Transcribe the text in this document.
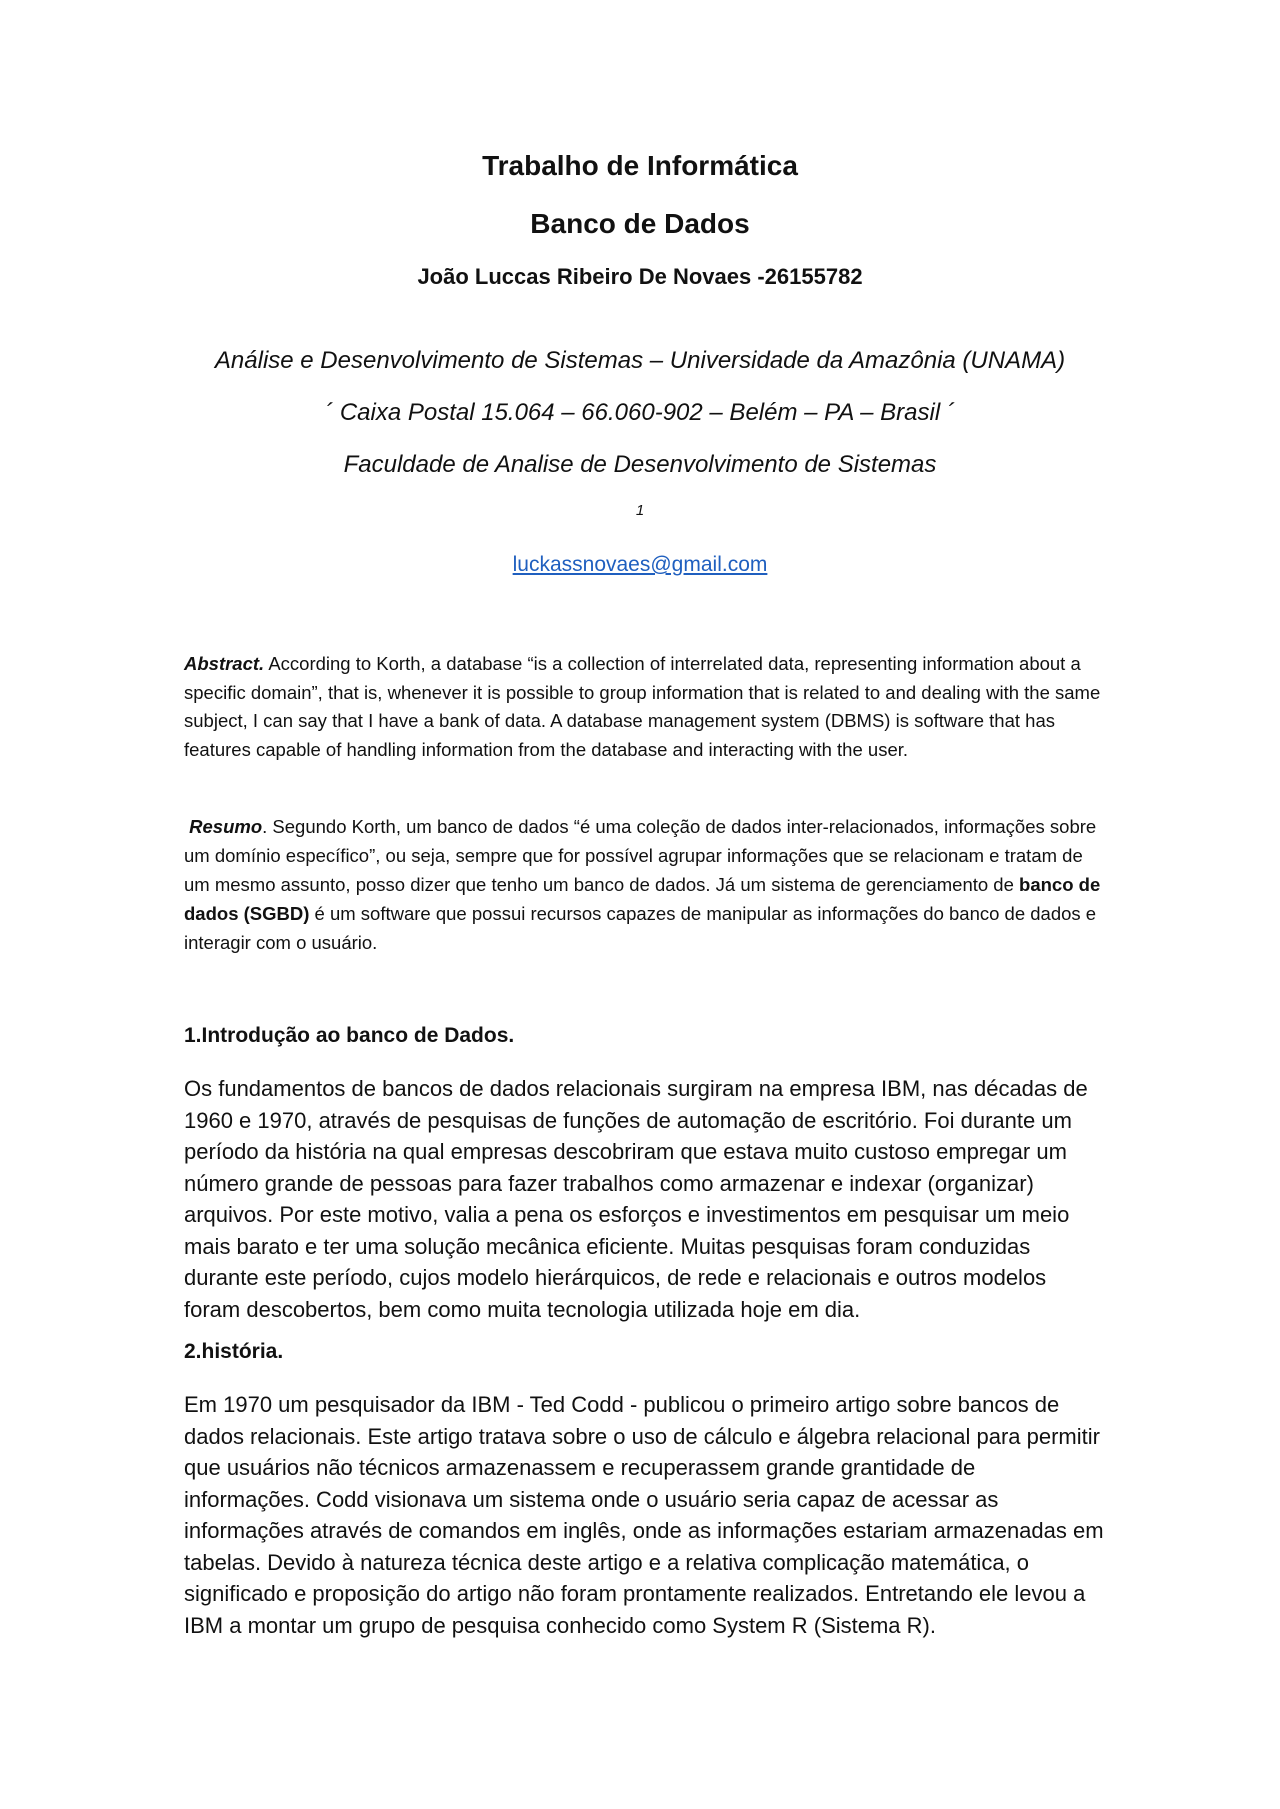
Trabalho de Informática
Banco de Dados
João Luccas Ribeiro De Novaes -26155782
Análise e Desenvolvimento de Sistemas – Universidade da Amazônia (UNAMA)
´ Caixa Postal 15.064 – 66.060-902 – Belém – PA – Brasil ´
Faculdade de Analise de Desenvolvimento de Sistemas
1
luckassnovaes@gmail.com
Abstract. According to Korth, a database “is a collection of interrelated data, representing information about a specific domain”, that is, whenever it is possible to group information that is related to and dealing with the same subject, I can say that I have a bank of data. A database management system (DBMS) is software that has features capable of handling information from the database and interacting with the user.
Resumo. Segundo Korth, um banco de dados “é uma coleção de dados inter-relacionados, informações sobre um domínio específico”, ou seja, sempre que for possível agrupar informações que se relacionam e tratam de um mesmo assunto, posso dizer que tenho um banco de dados. Já um sistema de gerenciamento de banco de dados (SGBD) é um software que possui recursos capazes de manipular as informações do banco de dados e interagir com o usuário.
1.Introdução ao banco de Dados.
Os fundamentos de bancos de dados relacionais surgiram na empresa IBM, nas décadas de 1960 e 1970, através de pesquisas de funções de automação de escritório. Foi durante um período da história na qual empresas descobriram que estava muito custoso empregar um número grande de pessoas para fazer trabalhos como armazenar e indexar (organizar) arquivos. Por este motivo, valia a pena os esforços e investimentos em pesquisar um meio mais barato e ter uma solução mecânica eficiente. Muitas pesquisas foram conduzidas durante este período, cujos modelo hierárquicos, de rede e relacionais e outros modelos foram descobertos, bem como muita tecnologia utilizada hoje em dia.
2.história.
Em 1970 um pesquisador da IBM - Ted Codd - publicou o primeiro artigo sobre bancos de dados relacionais. Este artigo tratava sobre o uso de cálculo e álgebra relacional para permitir que usuários não técnicos armazenassem e recuperassem grande grantidade de informações. Codd visionava um sistema onde o usuário seria capaz de acessar as informações através de comandos em inglês, onde as informações estariam armazenadas em tabelas. Devido à natureza técnica deste artigo e a relativa complicação matemática, o significado e proposição do artigo não foram prontamente realizados. Entretando ele levou a IBM a montar um grupo de pesquisa conhecido como System R (Sistema R).
